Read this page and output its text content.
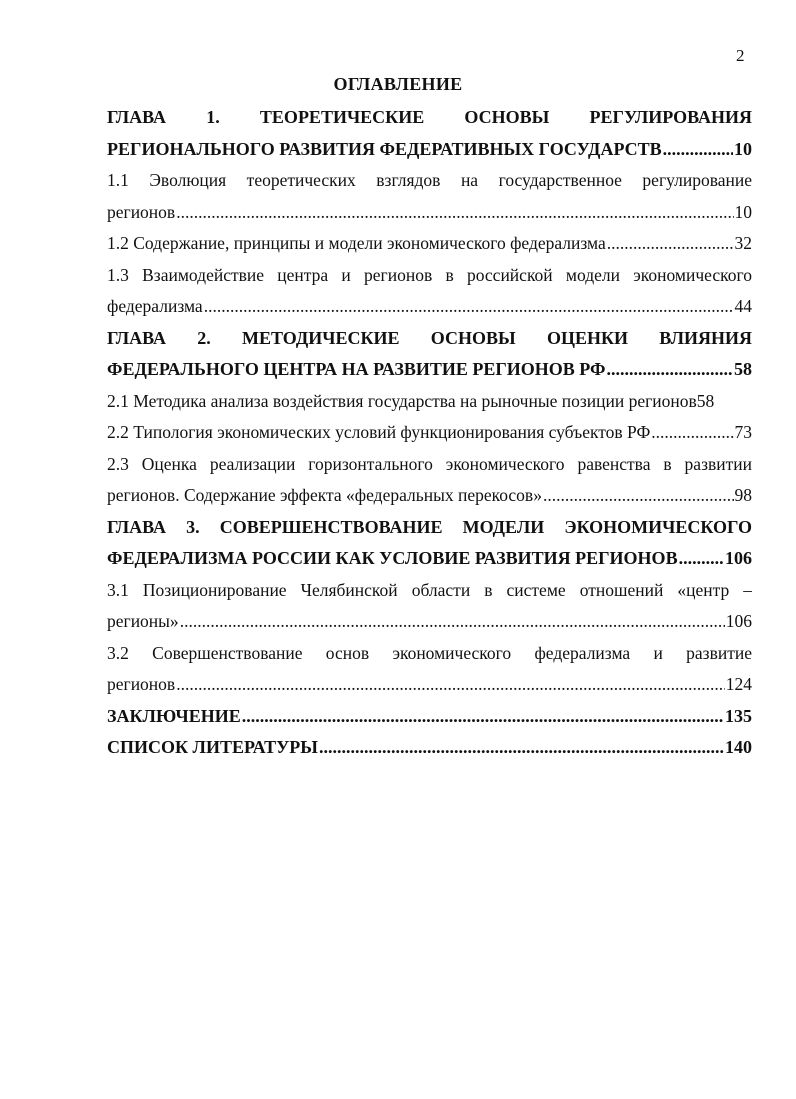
2
ОГЛАВЛЕНИЕ
ГЛАВА 1. ТЕОРЕТИЧЕСКИЕ ОСНОВЫ РЕГУЛИРОВАНИЯ
РЕГИОНАЛЬНОГО РАЗВИТИЯ ФЕДЕРАТИВНЫХ ГОСУДАРСТВ .....	10
1.1 Эволюция теоретических взглядов на государственное регулирование
регионов .....	10
1.2 Содержание, принципы и модели экономического федерализма .....	32
1.3 Взаимодействие центра и регионов в российской модели экономического
федерализма .....	44
ГЛАВА 2. МЕТОДИЧЕСКИЕ ОСНОВЫ ОЦЕНКИ ВЛИЯНИЯ
ФЕДЕРАЛЬНОГО ЦЕНТРА НА РАЗВИТИЕ РЕГИОНОВ РФ .....	58
2.1 Методика анализа воздействия государства на рыночные позиции регионов58
2.2 Типология экономических условий функционирования субъектов РФ .....	73
2.3 Оценка реализации горизонтального экономического равенства в развитии
регионов. Содержание эффекта «федеральных перекосов» .....	98
ГЛАВА 3. СОВЕРШЕНСТВОВАНИЕ МОДЕЛИ ЭКОНОМИЧЕСКОГО
ФЕДЕРАЛИЗМА РОССИИ КАК УСЛОВИЕ РАЗВИТИЯ РЕГИОНОВ .....	106
3.1 Позиционирование Челябинской области в системе отношений «центр –
регионы» .....	106
3.2 Совершенствование основ экономического федерализма и развитие
регионов .....	124
ЗАКЛЮЧЕНИЕ .....	135
СПИСОК ЛИТЕРАТУРЫ .....	140
